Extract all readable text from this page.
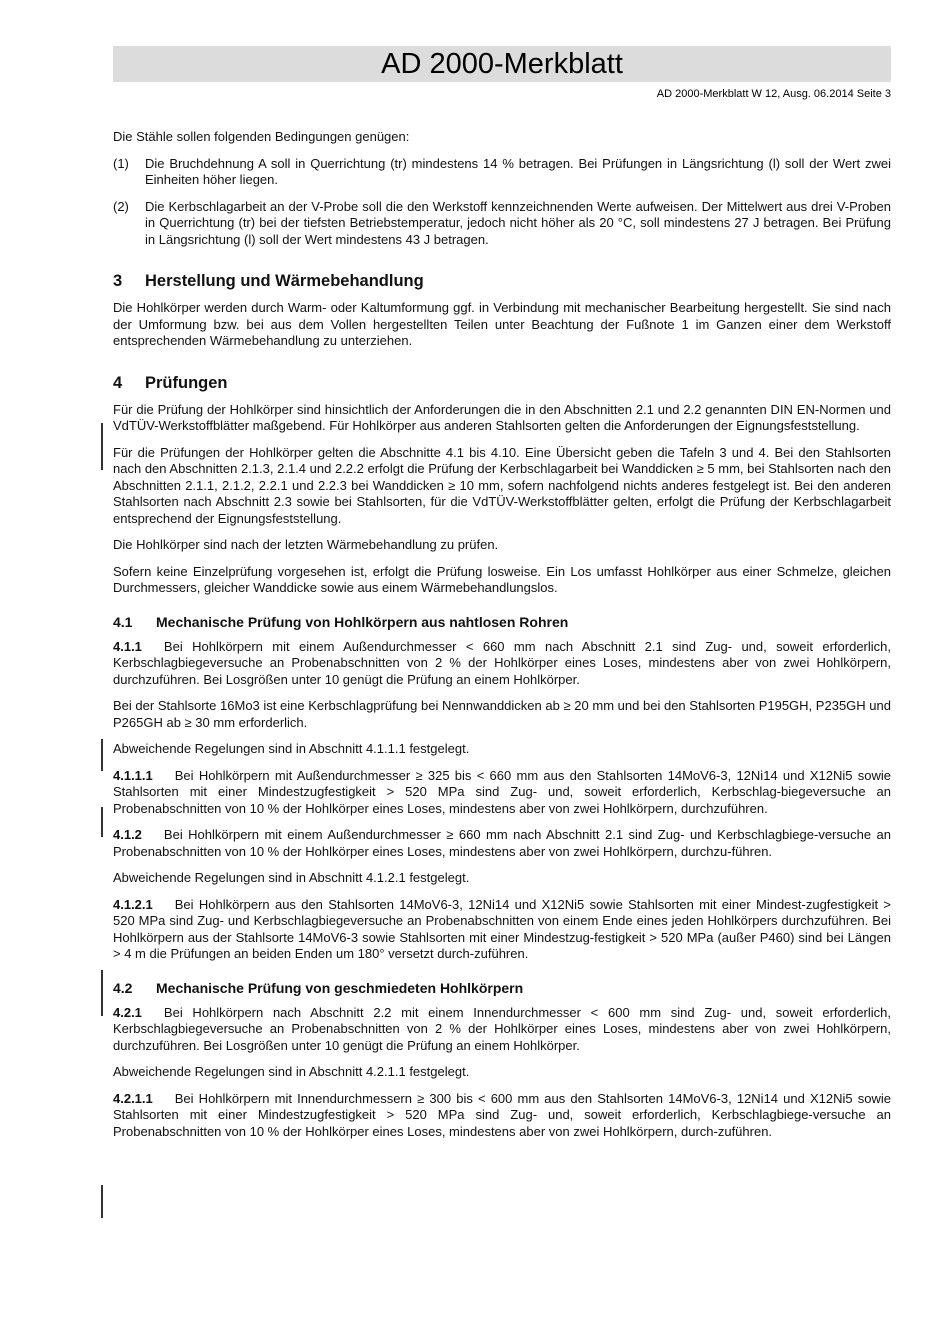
AD 2000-Merkblatt
AD 2000-Merkblatt W 12, Ausg. 06.2014 Seite 3

Die Stähle sollen folgenden Bedingungen genügen:

(1)	Die Bruchdehnung A soll in Querrichtung (tr) mindestens 14 % betragen. Bei Prüfungen in Längsrichtung (l) soll der Wert zwei Einheiten höher liegen.
(2)	Die Kerbschlagarbeit an der V-Probe soll die den Werkstoff kennzeichnenden Werte aufweisen. Der Mittelwert aus drei V-Proben in Querrichtung (tr) bei der tiefsten Betriebstemperatur, jedoch nicht höher als 20 °C, soll mindestens 27 J betragen. Bei Prüfung in Längsrichtung (l) soll der Wert mindestens 43 J betragen.
3 Herstellung und Wärmebehandlung

Die Hohlkörper werden durch Warm- oder Kaltumformung ggf. in Verbindung mit mechanischer Bearbeitung hergestellt. Sie sind nach der Umformung bzw. bei aus dem Vollen hergestellten Teilen unter Beachtung der Fußnote 1 im Ganzen einer dem Werkstoff entsprechenden Wärmebehandlung zu unterziehen.

4 Prüfungen

Für die Prüfung der Hohlkörper sind hinsichtlich der Anforderungen die in den Abschnitten 2.1 und 2.2 genannten DIN EN-Normen und VdTÜV-Werkstoffblätter maßgebend. Für Hohlkörper aus anderen Stahlsorten gelten die Anforderungen der Eignungsfeststellung.

Für die Prüfungen der Hohlkörper gelten die Abschnitte 4.1 bis 4.10. Eine Übersicht geben die Tafeln 3 und 4. Bei den Stahlsorten nach den Abschnitten 2.1.3, 2.1.4 und 2.2.2 erfolgt die Prüfung der Kerbschlagarbeit bei Wanddicken ≥ 5 mm, bei Stahlsorten nach den Abschnitten 2.1.1, 2.1.2, 2.2.1 und 2.2.3 bei Wanddicken ≥ 10 mm, sofern nachfolgend nichts anderes festgelegt ist. Bei den anderen Stahlsorten nach Abschnitt 2.3 sowie bei Stahlsorten, für die VdTÜV-Werkstoffblätter gelten, erfolgt die Prüfung der Kerbschlagarbeit entsprechend der Eignungsfeststellung.

Die Hohlkörper sind nach der letzten Wärmebehandlung zu prüfen.

Sofern keine Einzelprüfung vorgesehen ist, erfolgt die Prüfung losweise. Ein Los umfasst Hohlkörper aus einer Schmelze, gleichen Durchmessers, gleicher Wanddicke sowie aus einem Wärmebehandlungslos.

4.1 Mechanische Prüfung von Hohlkörpern aus nahtlosen Rohren

4.1.1 Bei Hohlkörpern mit einem Außendurchmesser < 660 mm nach Abschnitt 2.1 sind Zug- und, soweit erforderlich, Kerbschlagbiegeversuche an Probenabschnitten von 2 % der Hohlkörper eines Loses, mindestens aber von zwei Hohlkörpern, durchzuführen. Bei Losgrößen unter 10 genügt die Prüfung an einem Hohlkörper.

Bei der Stahlsorte 16Mo3 ist eine Kerbschlagprüfung bei Nennwanddicken ab ≥ 20 mm und bei den Stahlsorten P195GH, P235GH und P265GH ab ≥ 30 mm erforderlich.

Abweichende Regelungen sind in Abschnitt 4.1.1.1 festgelegt.

4.1.1.1 Bei Hohlkörpern mit Außendurchmesser ≥ 325 bis < 660 mm aus den Stahlsorten 14MoV6-3, 12Ni14 und X12Ni5 sowie Stahlsorten mit einer Mindestzugfestigkeit > 520 MPa sind Zug- und, soweit erforderlich, Kerbschlag-biegeversuche an Probenabschnitten von 10 % der Hohlkörper eines Loses, mindestens aber von zwei Hohlkörpern, durchzuführen.

4.1.2 Bei Hohlkörpern mit einem Außendurchmesser ≥ 660 mm nach Abschnitt 2.1 sind Zug- und Kerbschlagbiege-versuche an Probenabschnitten von 10 % der Hohlkörper eines Loses, mindestens aber von zwei Hohlkörpern, durchzu-führen.

Abweichende Regelungen sind in Abschnitt 4.1.2.1 festgelegt.

4.1.2.1 Bei Hohlkörpern aus den Stahlsorten 14MoV6-3, 12Ni14 und X12Ni5 sowie Stahlsorten mit einer Mindest-zugfestigkeit > 520 MPa sind Zug- und Kerbschlagbiegeversuche an Probenabschnitten von einem Ende eines jeden Hohlkörpers durchzuführen. Bei Hohlkörpern aus der Stahlsorte 14MoV6-3 sowie Stahlsorten mit einer Mindestzug-festigkeit > 520 MPa (außer P460) sind bei Längen > 4 m die Prüfungen an beiden Enden um 180° versetzt durch-zuführen.

4.2 Mechanische Prüfung von geschmiedeten Hohlkörpern

4.2.1 Bei Hohlkörpern nach Abschnitt 2.2 mit einem Innendurchmesser < 600 mm sind Zug- und, soweit erforderlich, Kerbschlagbiegeversuche an Probenabschnitten von 2 % der Hohlkörper eines Loses, mindestens aber von zwei Hohlkörpern, durchzuführen. Bei Losgrößen unter 10 genügt die Prüfung an einem Hohlkörper.

Abweichende Regelungen sind in Abschnitt 4.2.1.1 festgelegt.

4.2.1.1 Bei Hohlkörpern mit Innendurchmessern ≥ 300 bis < 600 mm aus den Stahlsorten 14MoV6-3, 12Ni14 und X12Ni5 sowie Stahlsorten mit einer Mindestzugfestigkeit > 520 MPa sind Zug- und, soweit erforderlich, Kerbschlagbiege-versuche an Probenabschnitten von 10 % der Hohlkörper eines Loses, mindestens aber von zwei Hohlkörpern, durch-zuführen.
